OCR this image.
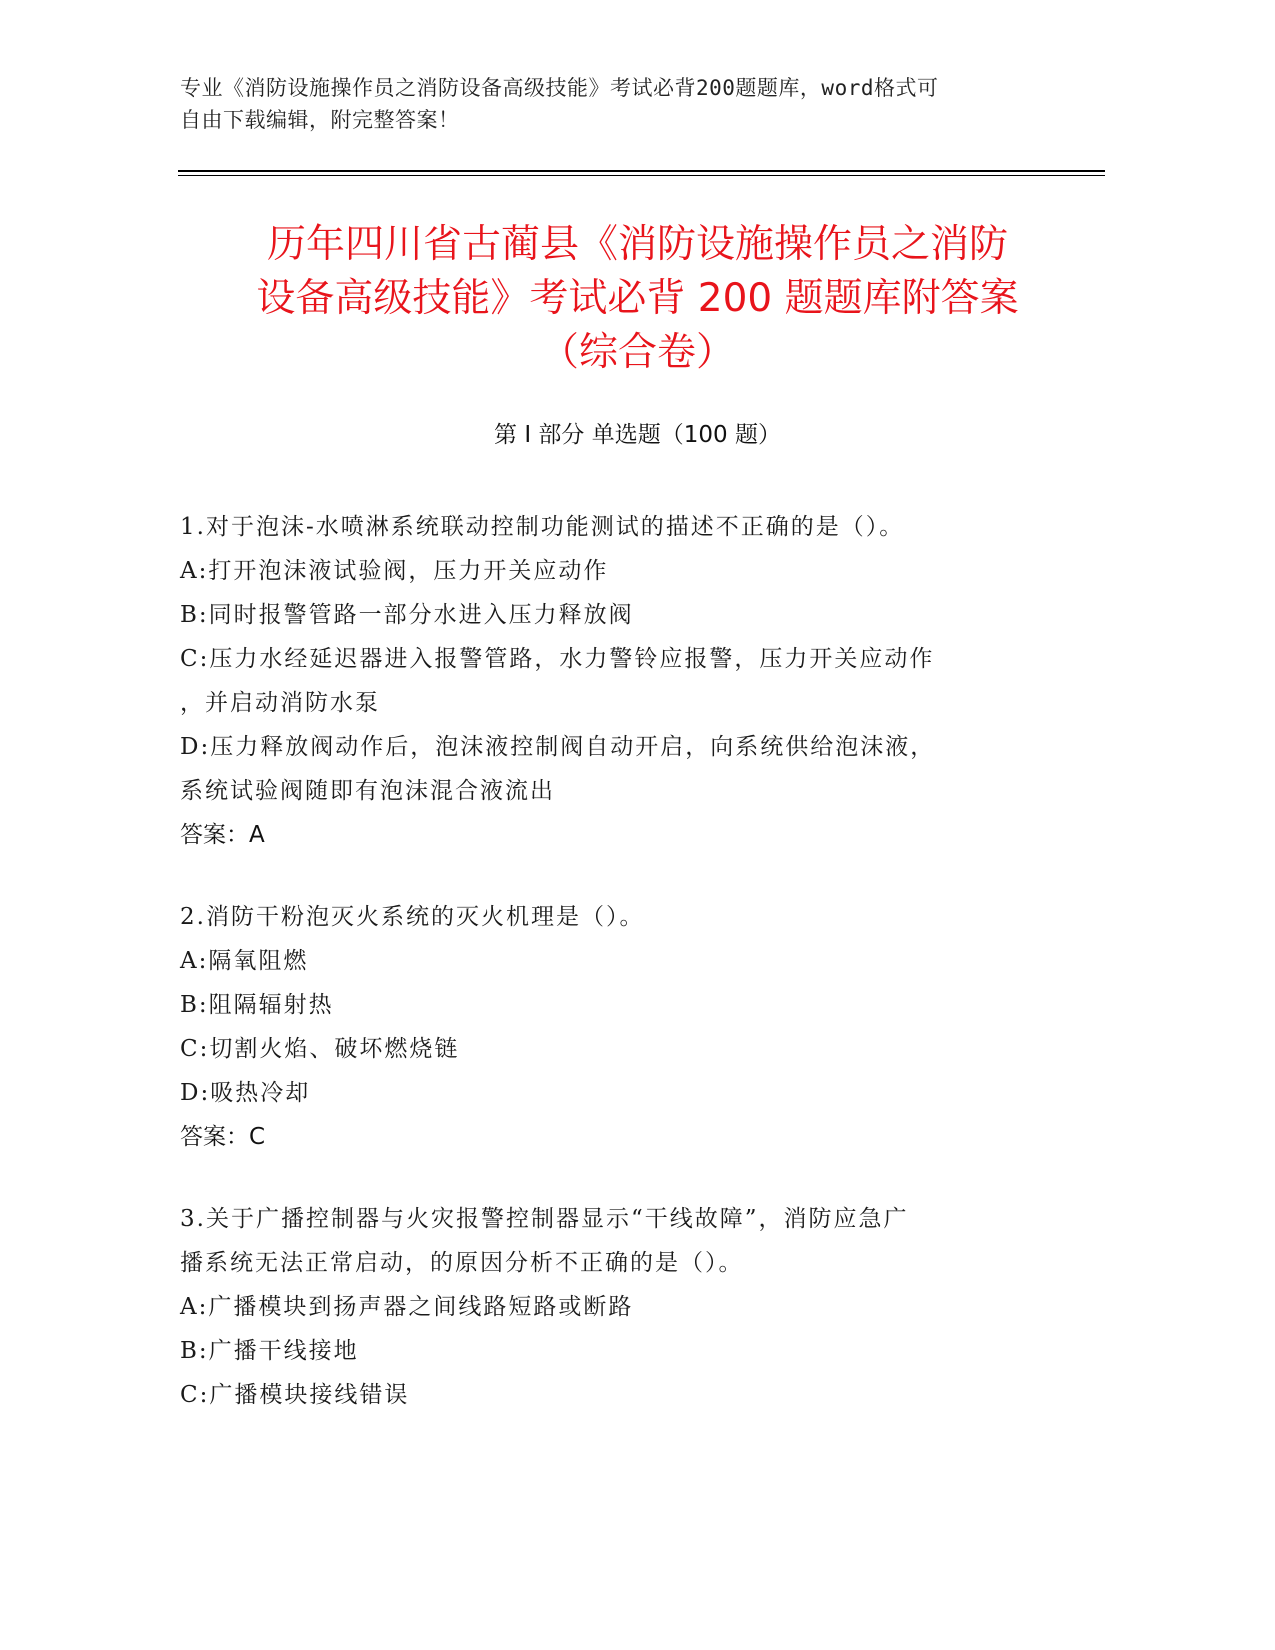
专业《消防设施操作员之消防设备高级技能》考试必背200题题库，word格式可
自由下载编辑，附完整答案！
历年四川省古蔺县《消防设施操作员之消防
设备高级技能》考试必背 200 题题库附答案
（综合卷）
第 I 部分 单选题（100 题）
1.对于泡沫-水喷淋系统联动控制功能测试的描述不正确的是（）。
A:打开泡沫液试验阀，压力开关应动作
B:同时报警管路一部分水进入压力释放阀
C:压力水经延迟器进入报警管路，水力警铃应报警，压力开关应动作
，并启动消防水泵
D:压力释放阀动作后，泡沫液控制阀自动开启，向系统供给泡沫液，
系统试验阀随即有泡沫混合液流出
答案：A
2.消防干粉泡灭火系统的灭火机理是（）。
A:隔氧阻燃
B:阻隔辐射热
C:切割火焰、破坏燃烧链
D:吸热冷却
答案：C
3.关于广播控制器与火灾报警控制器显示“干线故障”，消防应急广
播系统无法正常启动，的原因分析不正确的是（）。
A:广播模块到扬声器之间线路短路或断路
B:广播干线接地
C:广播模块接线错误
